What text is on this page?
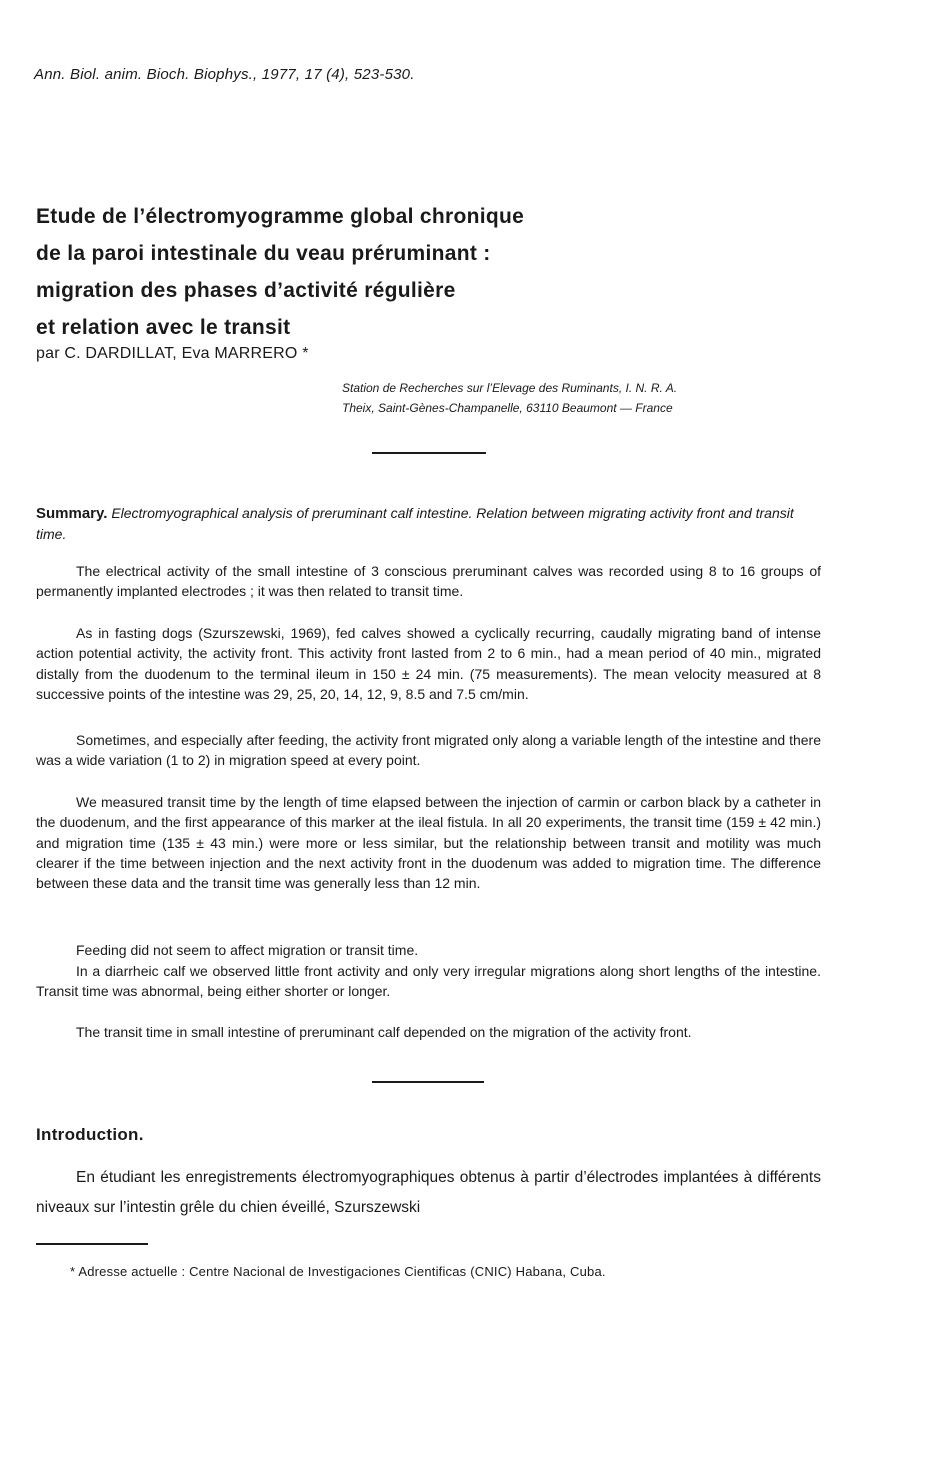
Ann. Biol. anim. Bioch. Biophys., 1977, 17 (4), 523-530.
Etude de l’électromyogramme global chronique
de la paroi intestinale du veau préruminant :
migration des phases d’activité régulière
et relation avec le transit
par C. DARDILLAT, Eva MARRERO *
Station de Recherches sur l’Elevage des Ruminants, I. N. R. A.
Theix, Saint-Gènes-Champanelle, 63110 Beaumont — France
Summary. Electromyographical analysis of preruminant calf intestine. Relation between migrating activity front and transit time.

The electrical activity of the small intestine of 3 conscious preruminant calves was recorded using 8 to 16 groups of permanently implanted electrodes ; it was then related to transit time.

As in fasting dogs (Szurszewski, 1969), fed calves showed a cyclically recurring, caudally migrating band of intense action potential activity, the activity front. This activity front lasted from 2 to 6 min., had a mean period of 40 min., migrated distally from the duodenum to the terminal ileum in 150 ± 24 min. (75 measurements). The mean velocity measured at 8 successive points of the intestine was 29, 25, 20, 14, 12, 9, 8.5 and 7.5 cm/min.

Sometimes, and especially after feeding, the activity front migrated only along a variable length of the intestine and there was a wide variation (1 to 2) in migration speed at every point.

We measured transit time by the length of time elapsed between the injection of carmin or carbon black by a catheter in the duodenum, and the first appearance of this marker at the ileal fistula. In all 20 experiments, the transit time (159 ± 42 min.) and migration time (135 ± 43 min.) were more or less similar, but the relationship between transit and motility was much clearer if the time between injection and the next activity front in the duodenum was added to migration time. The difference between these data and the transit time was generally less than 12 min.

Feeding did not seem to affect migration or transit time.

In a diarrheic calf we observed little front activity and only very irregular migrations along short lengths of the intestine. Transit time was abnormal, being either shorter or longer.

The transit time in small intestine of preruminant calf depended on the migration of the activity front.

Introduction.

En étudiant les enregistrements électromyographiques obtenus à partir d’électrodes implantées à différents niveaux sur l’intestin grêle du chien éveillé, Szurszewski

* Adresse actuelle : Centre Nacional de Investigaciones Cientificas (CNIC) Habana, Cuba.
